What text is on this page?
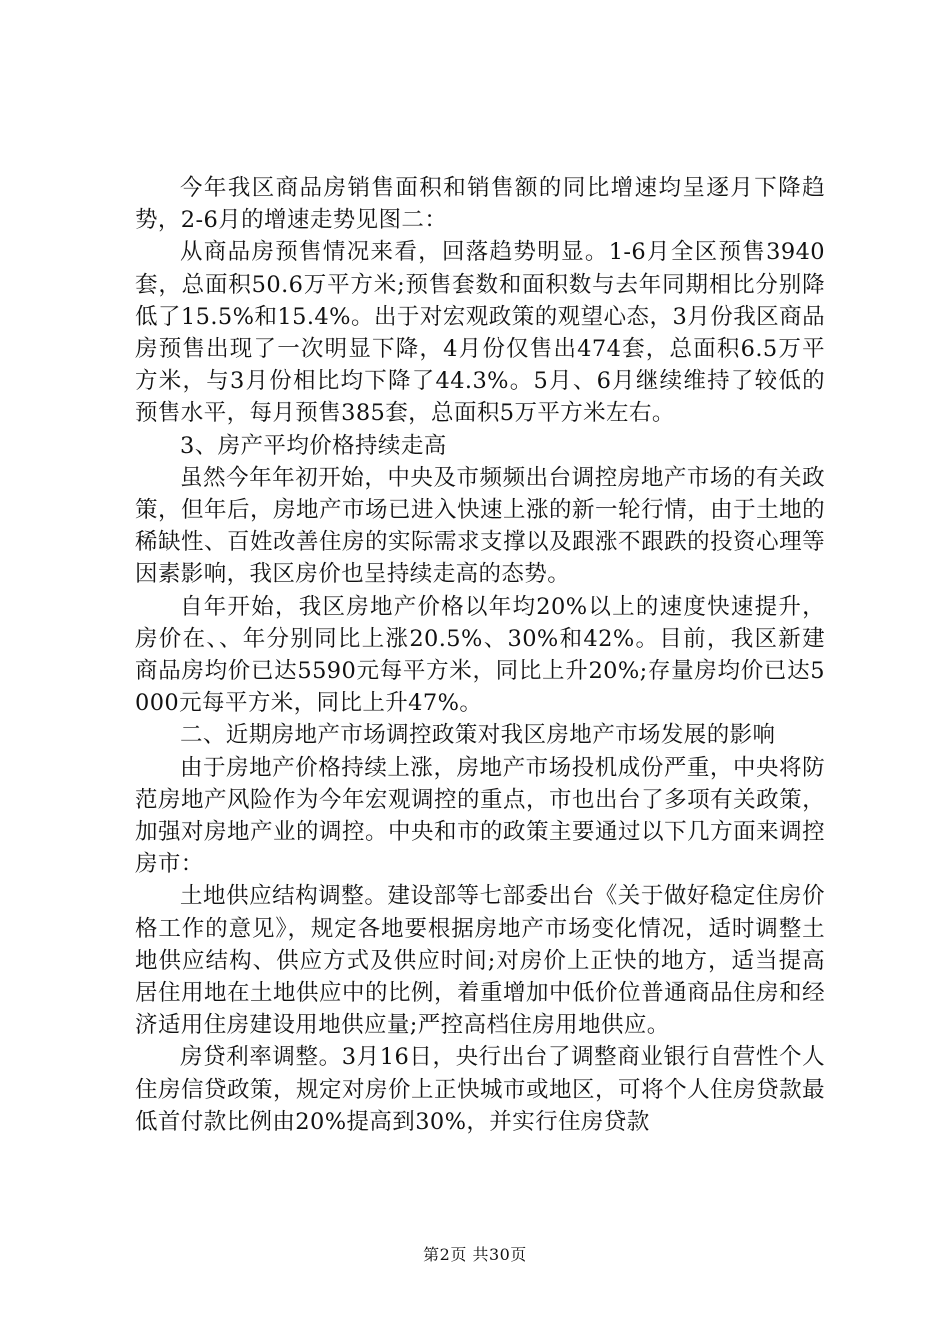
今年我区商品房销售面积和销售额的同比增速均呈逐月下降趋势，2-6月的增速走势见图二：

从商品房预售情况来看，回落趋势明显。1-6月全区预售3940套，总面积50.6万平方米;预售套数和面积数与去年同期相比分别降低了15.5%和15.4%。出于对宏观政策的观望心态，3月份我区商品房预售出现了一次明显下降，4月份仅售出474套，总面积6.5万平方米，与3月份相比均下降了44.3%。5月、6月继续维持了较低的预售水平，每月预售385套，总面积5万平方米左右。

3、房产平均价格持续走高

虽然今年年初开始，中央及市频频出台调控房地产市场的有关政策，但年后，房地产市场已进入快速上涨的新一轮行情，由于土地的稀缺性、百姓改善住房的实际需求支撑以及跟涨不跟跌的投资心理等因素影响，我区房价也呈持续走高的态势。

自年开始，我区房地产价格以年均20%以上的速度快速提升，房价在、、年分别同比上涨20.5%、30%和42%。目前，我区新建商品房均价已达5590元每平方米，同比上升20%;存量房均价已达5000元每平方米，同比上升47%。

二、近期房地产市场调控政策对我区房地产市场发展的影响

由于房地产价格持续上涨，房地产市场投机成份严重，中央将防范房地产风险作为今年宏观调控的重点，市也出台了多项有关政策，加强对房地产业的调控。中央和市的政策主要通过以下几方面来调控房市：

土地供应结构调整。建设部等七部委出台《关于做好稳定住房价格工作的意见》，规定各地要根据房地产市场变化情况，适时调整土地供应结构、供应方式及供应时间;对房价上正快的地方，适当提高居住用地在土地供应中的比例，着重增加中低价位普通商品住房和经济适用住房建设用地供应量;严控高档住房用地供应。

房贷利率调整。3月16日，央行出台了调整商业银行自营性个人住房信贷政策，规定对房价上正快城市或地区，可将个人住房贷款最低首付款比例由20%提高到30%，并实行住房贷款

第2页 共30页
